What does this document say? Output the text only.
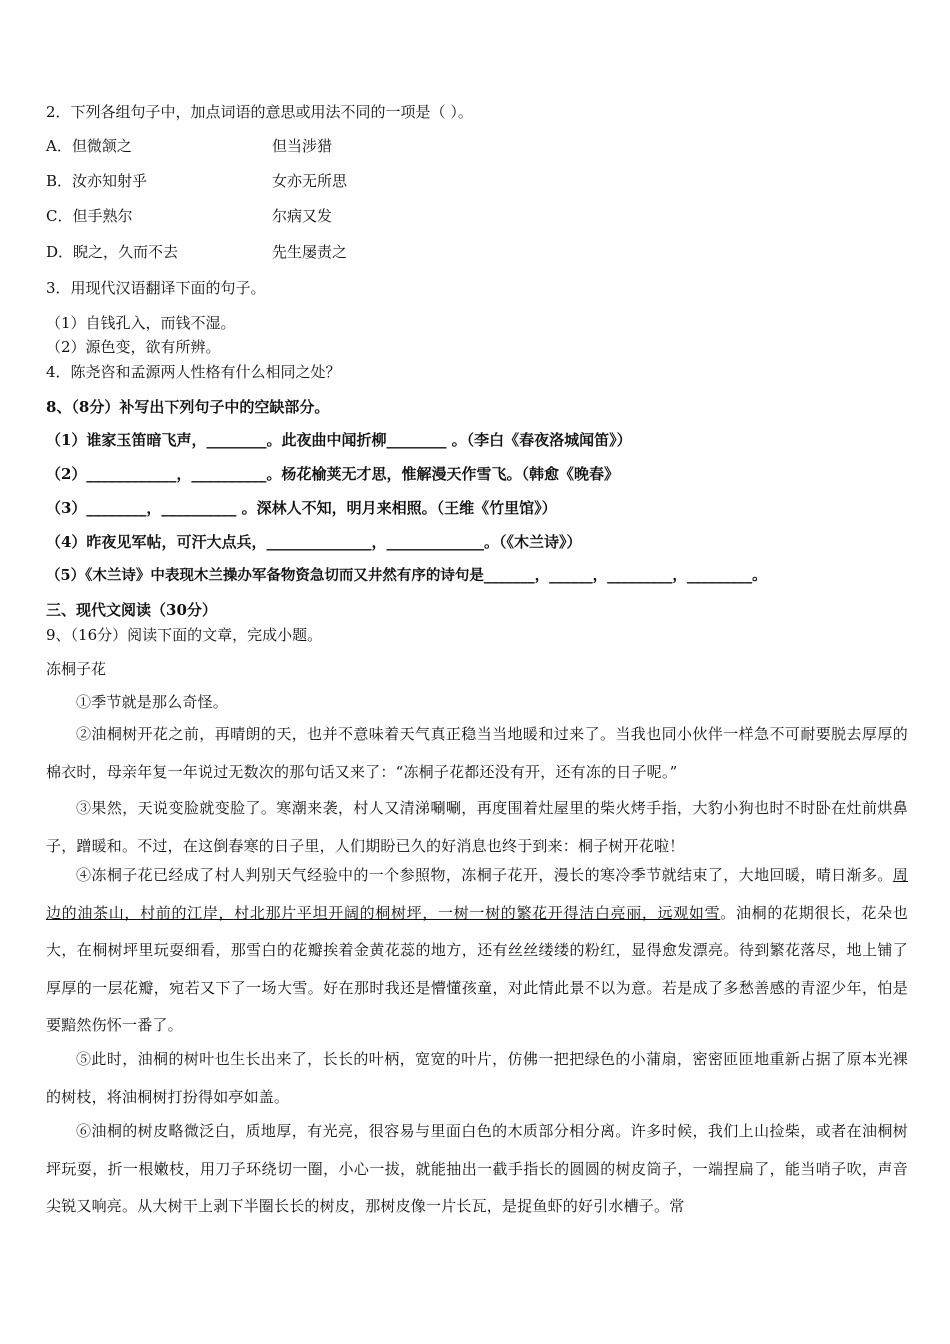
2．下列各组句子中，加点词语的意思或用法不同的一项是（ ）。
A．但微颔之	但当涉猎
B．汝亦知射乎	女亦无所思
C．但手熟尔	尔病又发
D．睨之，久而不去	先生屡责之
3．用现代汉语翻译下面的句子。
（1）自钱孔入，而钱不湿。
（2）源色变，欲有所辨。
4．陈尧咨和孟源两人性格有什么相同之处？
8、（8分）补写出下列句子中的空缺部分。
（1）谁家玉笛暗飞声，________。此夜曲中闻折柳________ 。（李白《春夜洛城闻笛》）
（2）____________，__________。杨花榆荚无才思，惟解漫天作雪飞。（韩愈《晚春》
（3）________，__________ 。深林人不知，明月来相照。（王维《竹里馆》）
（4）昨夜见军帖，可汗大点兵，______________，_____________。（《木兰诗》）
（5）《木兰诗》中表现木兰操办军备物资急切而又井然有序的诗句是_______，______，_________，_________。
三、现代文阅读（30分）
9、（16分）阅读下面的文章，完成小题。
冻桐子花
①季节就是那么奇怪。
②油桐树开花之前，再晴朗的天，也并不意味着天气真正稳当当地暖和过来了。当我也同小伙伴一样急不可耐要脱去厚厚的棉衣时，母亲年复一年说过无数次的那句话又来了：“冻桐子花都还没有开，还有冻的日子呢。”
③果然，天说变脸就变脸了。寒潮来袭，村人又清涕唰唰，再度围着灶屋里的柴火烤手指，大豹小狗也时不时卧在灶前烘鼻子，蹭暖和。不过，在这倒春寒的日子里，人们期盼已久的好消息也终于到来：桐子树开花啦！
④冻桐子花已经成了村人判别天气经验中的一个参照物，冻桐子花开，漫长的寒冷季节就结束了，大地回暖，晴日渐多。周边的油茶山，村前的江岸，村北那片平坦开阔的桐树坪，一树一树的繁花开得洁白亮丽，远观如雪。油桐的花期很长，花朵也大，在桐树坪里玩耍细看，那雪白的花瓣挨着金黄花蕊的地方，还有丝丝缕缕的粉红，显得愈发漂亮。待到繁花落尽，地上铺了厚厚的一层花瓣，宛若又下了一场大雪。好在那时我还是懵懂孩童，对此情此景不以为意。若是成了多愁善感的青涩少年，怕是要黯然伤怀一番了。
⑤此时，油桐的树叶也生长出来了，长长的叶柄，宽宽的叶片，仿佛一把把绿色的小蒲扇，密密匝匝地重新占据了原本光裸的树枝，将油桐树打扮得如亭如盖。
⑥油桐的树皮略微泛白，质地厚，有光亮，很容易与里面白色的木质部分相分离。许多时候，我们上山捡柴，或者在油桐树坪玩耍，折一根嫩枝，用刀子环绕切一圈，小心一拔，就能抽出一截手指长的圆圆的树皮筒子，一端捏扁了，能当哨子吹，声音尖锐又响亮。从大树干上剥下半圈长长的树皮，那树皮像一片长瓦，是捉鱼虾的好引水槽子。常
